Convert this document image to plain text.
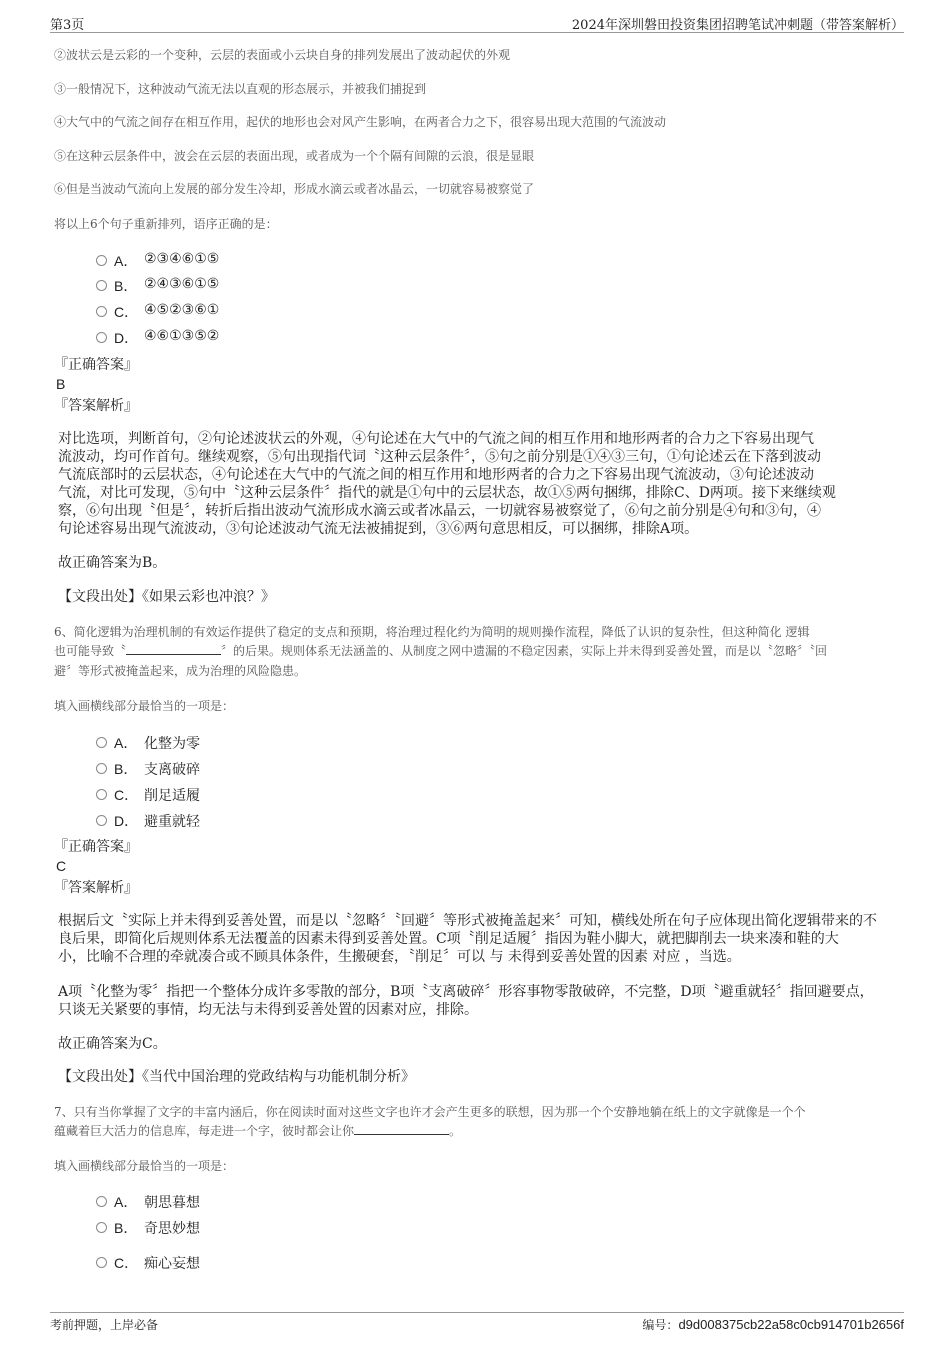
第3页	2024年深圳磐田投资集团招聘笔试冲刺题（带答案解析）
②波状云是云彩的一个变种，云层的表面或小云块自身的排列发展出了波动起伏的外观
③一般情况下，这种波动气流无法以直观的形态展示，并被我们捕捉到
④大气中的气流之间存在相互作用，起伏的地形也会对风产生影响，在两者合力之下，很容易出现大范围的气流波动
⑤在这种云层条件中，波会在云层的表面出现，或者成为一个个隔有间隙的云浪，很是显眼
⑥但是当波动气流向上发展的部分发生冷却，形成水滴云或者冰晶云，一切就容易被察觉了
将以上6个句子重新排列，语序正确的是：
A． ②③④⑥①⑤
B． ②④③⑥①⑤
C． ④⑤②③⑥①
D． ④⑥①③⑤②
『正确答案』
B
『答案解析』
对比选项，判断首句，②句论述波状云的外观，④句论述在大气中的气流之间的相互作用和地形两者的合力之下容易出现气
流波动，均可作首句。继续观察，⑤句出现指代词〝这种云层条件〞，⑤句之前分别是①④③三句，①句论述云在下落到波动
气流底部时的云层状态，④句论述在大气中的气流之间的相互作用和地形两者的合力之下容易出现气流波动，③句论述波动
气流，对比可发现，⑤句中〝这种云层条件〞指代的就是①句中的云层状态，故①⑤两句捆绑，排除C、D两项。接下来继续观
察，⑥句出现〝但是〞，转折后指出波动气流形成水滴云或者冰晶云，一切就容易被察觉了，⑥句之前分别是④句和③句，④
句论述容易出现气流波动，③句论述波动气流无法被捕捉到，③⑥两句意思相反，可以捆绑，排除A项。
故正确答案为B。
【文段出处】《如果云彩也冲浪？》
6、简化逻辑为治理机制的有效运作提供了稳定的支点和预期，将治理过程化约为简明的规则操作流程，降低了认识的复杂性，但这种简化 逻辑
也可能导致〝	〞的后果。规则体系无法涵盖的、从制度之网中遗漏的不稳定因素，实际上并未得到妥善处置，而是以〝忽略〞〝回
避〞等形式被掩盖起来，成为治理的风险隐患。
填入画横线部分最恰当的一项是：
A． 化整为零
B． 支离破碎
C． 削足适履
D． 避重就轻
『正确答案』
C
『答案解析』
根据后文〝实际上并未得到妥善处置，而是以〝忽略〞〝回避〞等形式被掩盖起来〞可知，横线处所在句子应体现出简化逻辑带来的不
良后果，即简化后规则体系无法覆盖的因素未得到妥善处置。C项〝削足适履〞指因为鞋小脚大，就把脚削去一块来凑和鞋的大
小，比喻不合理的牵就凑合或不顾具体条件，生搬硬套，〝削足〞可以 与 未得到妥善处置的因素 对应 ，当选。
A项〝化整为零〞指把一个整体分成许多零散的部分，B项〝支离破碎〞形容事物零散破碎，不完整，D项〝避重就轻〞指回避要点，
只谈无关紧要的事情，均无法与未得到妥善处置的因素对应，排除。
故正确答案为C。
【文段出处】《当代中国治理的党政结构与功能机制分析》
7、只有当你掌握了文字的丰富内涵后，你在阅读时面对这些文字也许才会产生更多的联想，因为那一个个安静地躺在纸上的文字就像是一个个
蕴藏着巨大活力的信息库，每走进一个字，彼时都会让你	。
填入画横线部分最恰当的一项是：
A． 朝思暮想
B． 奇思妙想
C． 痴心妄想
考前押题，上岸必备	编号：d9d008375cb22a58c0cb914701b2656f
